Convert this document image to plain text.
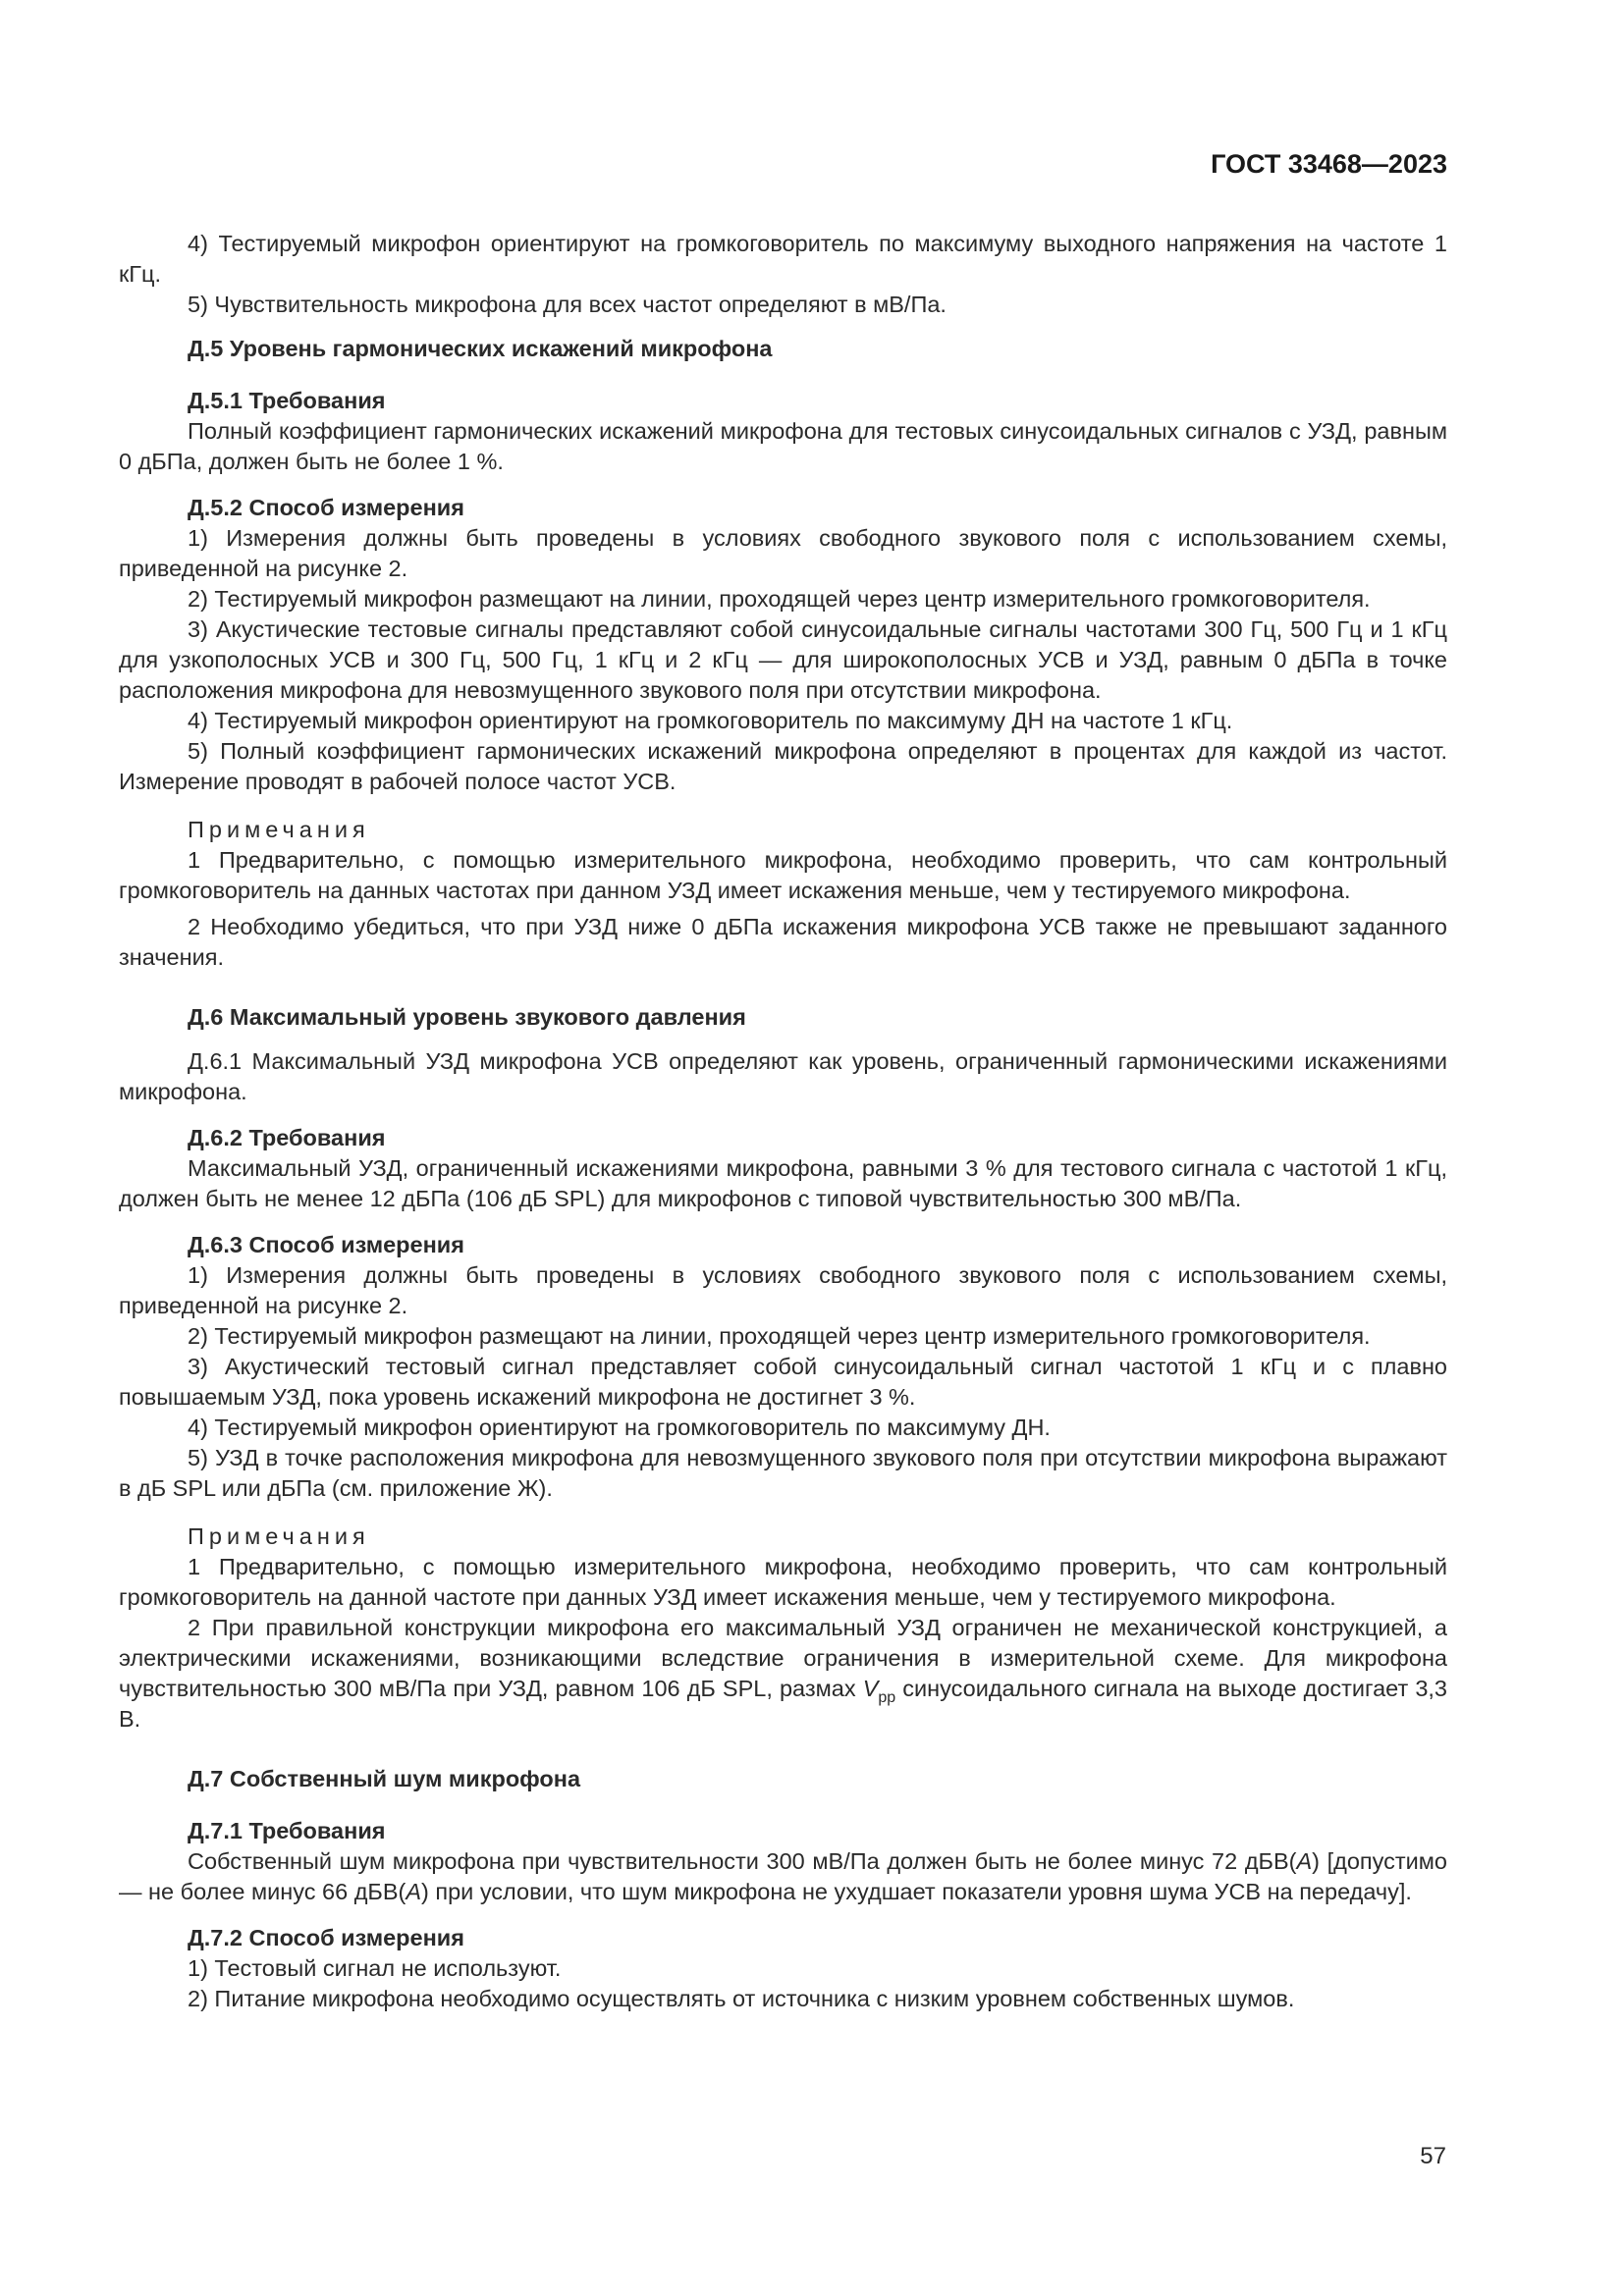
ГОСТ 33468—2023

4) Тестируемый микрофон ориентируют на громкоговоритель по максимуму выходного напряжения на частоте 1 кГц.

5) Чувствительность микрофона для всех частот определяют в мВ/Па.

Д.5 Уровень гармонических искажений микрофона

Д.5.1 Требования

Полный коэффициент гармонических искажений микрофона для тестовых синусоидальных сигналов с УЗД, равным 0 дБПа, должен быть не более 1 %.

Д.5.2 Способ измерения

1) Измерения должны быть проведены в условиях свободного звукового поля с использованием схемы, приведенной на рисунке 2.

2) Тестируемый микрофон размещают на линии, проходящей через центр измерительного громкоговорителя.

3) Акустические тестовые сигналы представляют собой синусоидальные сигналы частотами 300 Гц, 500 Гц и 1 кГц для узкополосных УСВ и 300 Гц, 500 Гц, 1 кГц и 2 кГц — для широкополосных УСВ и УЗД, равным 0 дБПа в точке расположения микрофона для невозмущенного звукового поля при отсутствии микрофона.

4) Тестируемый микрофон ориентируют на громкоговоритель по максимуму ДН на частоте 1 кГц.

5) Полный коэффициент гармонических искажений микрофона определяют в процентах для каждой из частот. Измерение проводят в рабочей полосе частот УСВ.

Примечания

1 Предварительно, с помощью измерительного микрофона, необходимо проверить, что сам контрольный громкоговоритель на данных частотах при данном УЗД имеет искажения меньше, чем у тестируемого микрофона.

2 Необходимо убедиться, что при УЗД ниже 0 дБПа искажения микрофона УСВ также не превышают заданного значения.

Д.6 Максимальный уровень звукового давления

Д.6.1 Максимальный УЗД микрофона УСВ определяют как уровень, ограниченный гармоническими искажениями микрофона.

Д.6.2 Требования

Максимальный УЗД, ограниченный искажениями микрофона, равными 3 % для тестового сигнала с частотой 1 кГц, должен быть не менее 12 дБПа (106 дБ SPL) для микрофонов с типовой чувствительностью 300 мВ/Па.

Д.6.3 Способ измерения

1) Измерения должны быть проведены в условиях свободного звукового поля с использованием схемы, приведенной на рисунке 2.

2) Тестируемый микрофон размещают на линии, проходящей через центр измерительного громкоговорителя.

3) Акустический тестовый сигнал представляет собой синусоидальный сигнал частотой 1 кГц и с плавно повышаемым УЗД, пока уровень искажений микрофона не достигнет 3 %.

4) Тестируемый микрофон ориентируют на громкоговоритель по максимуму ДН.

5) УЗД в точке расположения микрофона для невозмущенного звукового поля при отсутствии микрофона выражают в дБ SPL или дБПа (см. приложение Ж).

Примечания

1 Предварительно, с помощью измерительного микрофона, необходимо проверить, что сам контрольный громкоговоритель на данной частоте при данных УЗД имеет искажения меньше, чем у тестируемого микрофона.

2 При правильной конструкции микрофона его максимальный УЗД ограничен не механической конструкцией, а электрическими искажениями, возникающими вследствие ограничения в измерительной схеме. Для микрофона чувствительностью 300 мВ/Па при УЗД, равном 106 дБ SPL, размах $V_{pp}$ синусоидального сигнала на выходе достигает 3,3 В.

Д.7 Собственный шум микрофона

Д.7.1 Требования

Собственный шум микрофона при чувствительности 300 мВ/Па должен быть не более минус 72 дБВ(А) [допустимо — не более минус 66 дБВ(А) при условии, что шум микрофона не ухудшает показатели уровня шума УСВ на передачу].

Д.7.2 Способ измерения

1) Тестовый сигнал не используют.

2) Питание микрофона необходимо осуществлять от источника с низким уровнем собственных шумов.

57
